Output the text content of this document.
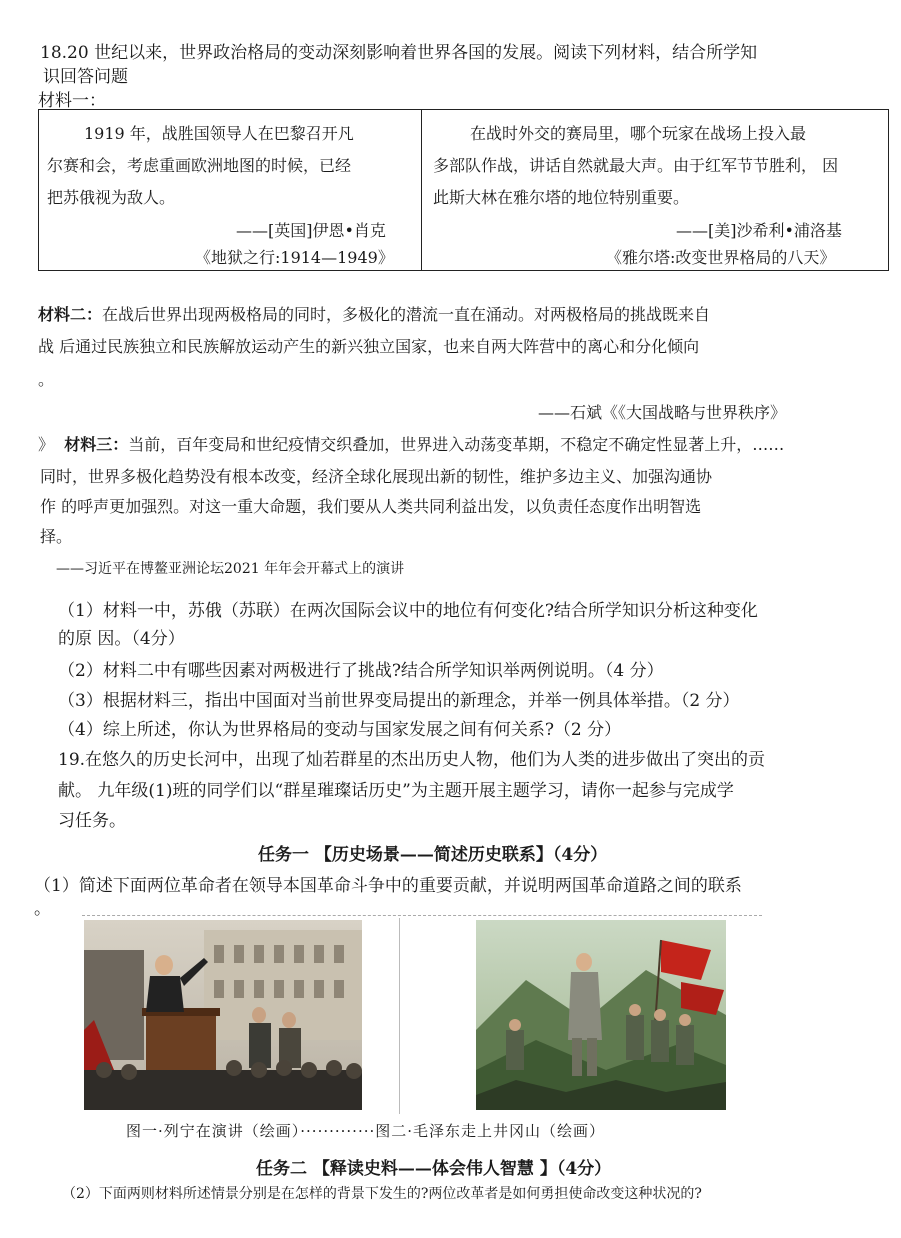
18.20 世纪以来，世界政治格局的变动深刻影响着世界各国的发展。阅读下列材料，结合所学知
识回答问题
材料一：
1919 年，战胜国领导人在巴黎召开凡
尔赛和会，考虑重画欧洲地图的时候，已经
把苏俄视为敌人。
——[英国]伊恩•肖克
《地狱之行:1914—1949》
在战时外交的赛局里，哪个玩家在战场上投入最
多部队作战，讲话自然就最大声。由于红军节节胜利， 因
此斯大林在雅尔塔的地位特别重要。
——[美]沙希利•浦洛基
《雅尔塔:改变世界格局的八天》
材料二：在战后世界出现两极格局的同时，多极化的潜流一直在涌动。对两极格局的挑战既来自
战 后通过民族独立和民族解放运动产生的新兴独立国家，也来自两大阵营中的离心和分化倾向
。
——石斌《《大国战略与世界秩序》
》 材料三：当前，百年变局和世纪疫情交织叠加，世界进入动荡变革期，不稳定不确定性显著上升，……
同时，世界多极化趋势没有根本改变，经济全球化展现出新的韧性，维护多边主义、加强沟通协
作 的呼声更加强烈。对这一重大命题，我们要从人类共同利益出发，以负责任态度作出明智选
择。
——习近平在博鳌亚洲论坛2021 年年会开幕式上的演讲
（1）材料一中，苏俄（苏联）在两次国际会议中的地位有何变化?结合所学知识分析这种变化
的原 因。（4分）
（2）材料二中有哪些因素对两极进行了挑战?结合所学知识举两例说明。（4 分）
（3）根据材料三，指出中国面对当前世界变局提出的新理念，并举一例具体举措。（2 分）
（4）综上所述，你认为世界格局的变动与国家发展之间有何关系?（2 分）
19.在悠久的历史长河中，出现了灿若群星的杰出历史人物，他们为人类的进步做出了突出的贡
献。 九年级(1)班的同学们以“群星璀璨话历史”为主题开展主题学习，请你一起参与完成学
习任务。
任务一 【历史场景——简述历史联系】（4分）
（1）简述下面两位革命者在领导本国革命斗争中的重要贡献，并说明两国革命道路之间的联系
。
图一·列宁在演讲（绘画）·············图二·毛泽东走上井冈山（绘画）
任务二 【释读史料——体会伟人智慧 】（4分）
（2）下面两则材料所述情景分别是在怎样的背景下发生的?两位改革者是如何勇担使命改变这种状况的?
